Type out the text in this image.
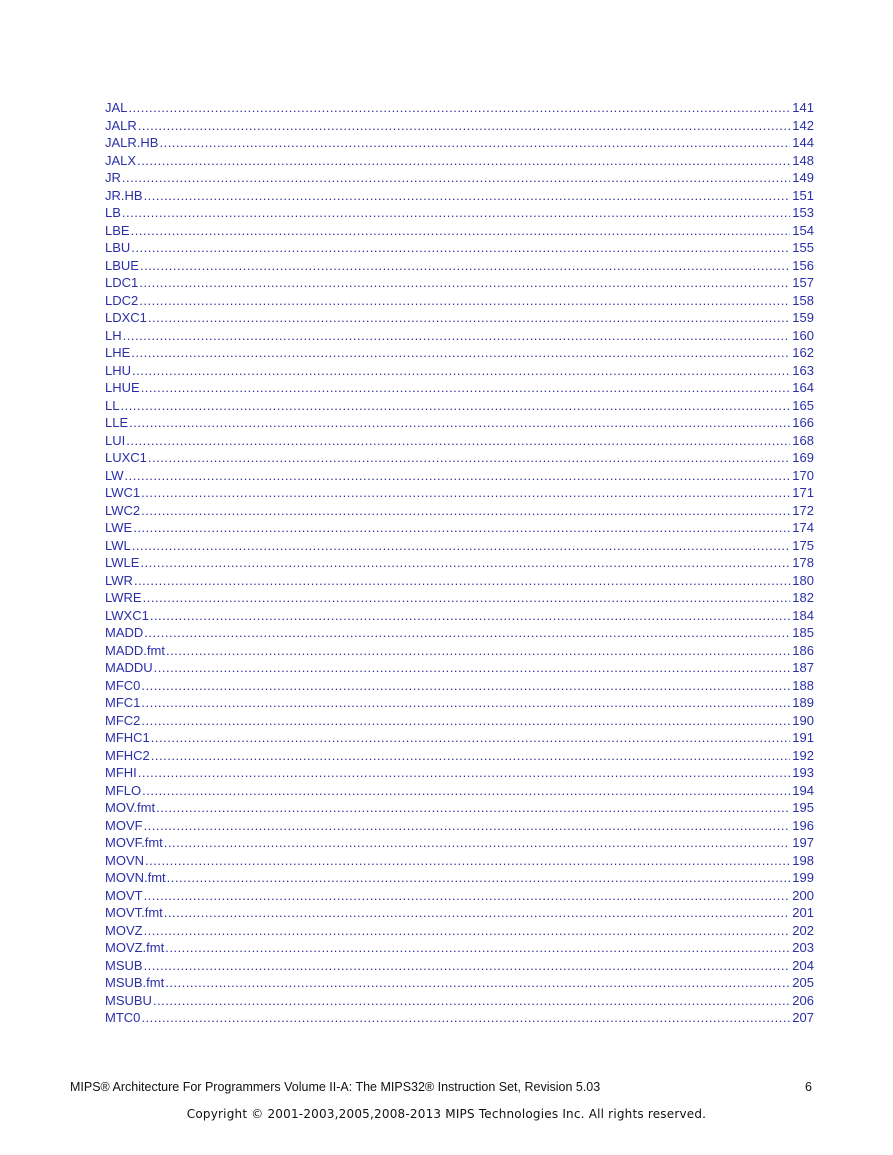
JAL .....	141
JALR .....	142
JALR.HB .....	144
JALX .....	148
JR .....	149
JR.HB .....	151
LB .....	153
LBE .....	154
LBU .....	155
LBUE .....	156
LDC1 .....	157
LDC2 .....	158
LDXC1 .....	159
LH .....	160
LHE .....	162
LHU .....	163
LHUE .....	164
LL .....	165
LLE .....	166
LUI .....	168
LUXC1 .....	169
LW .....	170
LWC1 .....	171
LWC2 .....	172
LWE .....	174
LWL .....	175
LWLE .....	178
LWR .....	180
LWRE .....	182
LWXC1 .....	184
MADD .....	185
MADD.fmt .....	186
MADDU .....	187
MFC0 .....	188
MFC1 .....	189
MFC2 .....	190
MFHC1 .....	191
MFHC2 .....	192
MFHI .....	193
MFLO .....	194
MOV.fmt .....	195
MOVF .....	196
MOVF.fmt .....	197
MOVN .....	198
MOVN.fmt .....	199
MOVT .....	200
MOVT.fmt .....	201
MOVZ .....	202
MOVZ.fmt .....	203
MSUB .....	204
MSUB.fmt .....	205
MSUBU .....	206
MTC0 .....	207
MIPS® Architecture For Programmers Volume II-A: The MIPS32® Instruction Set, Revision 5.03	6
Copyright © 2001-2003,2005,2008-2013 MIPS Technologies Inc. All rights reserved.
